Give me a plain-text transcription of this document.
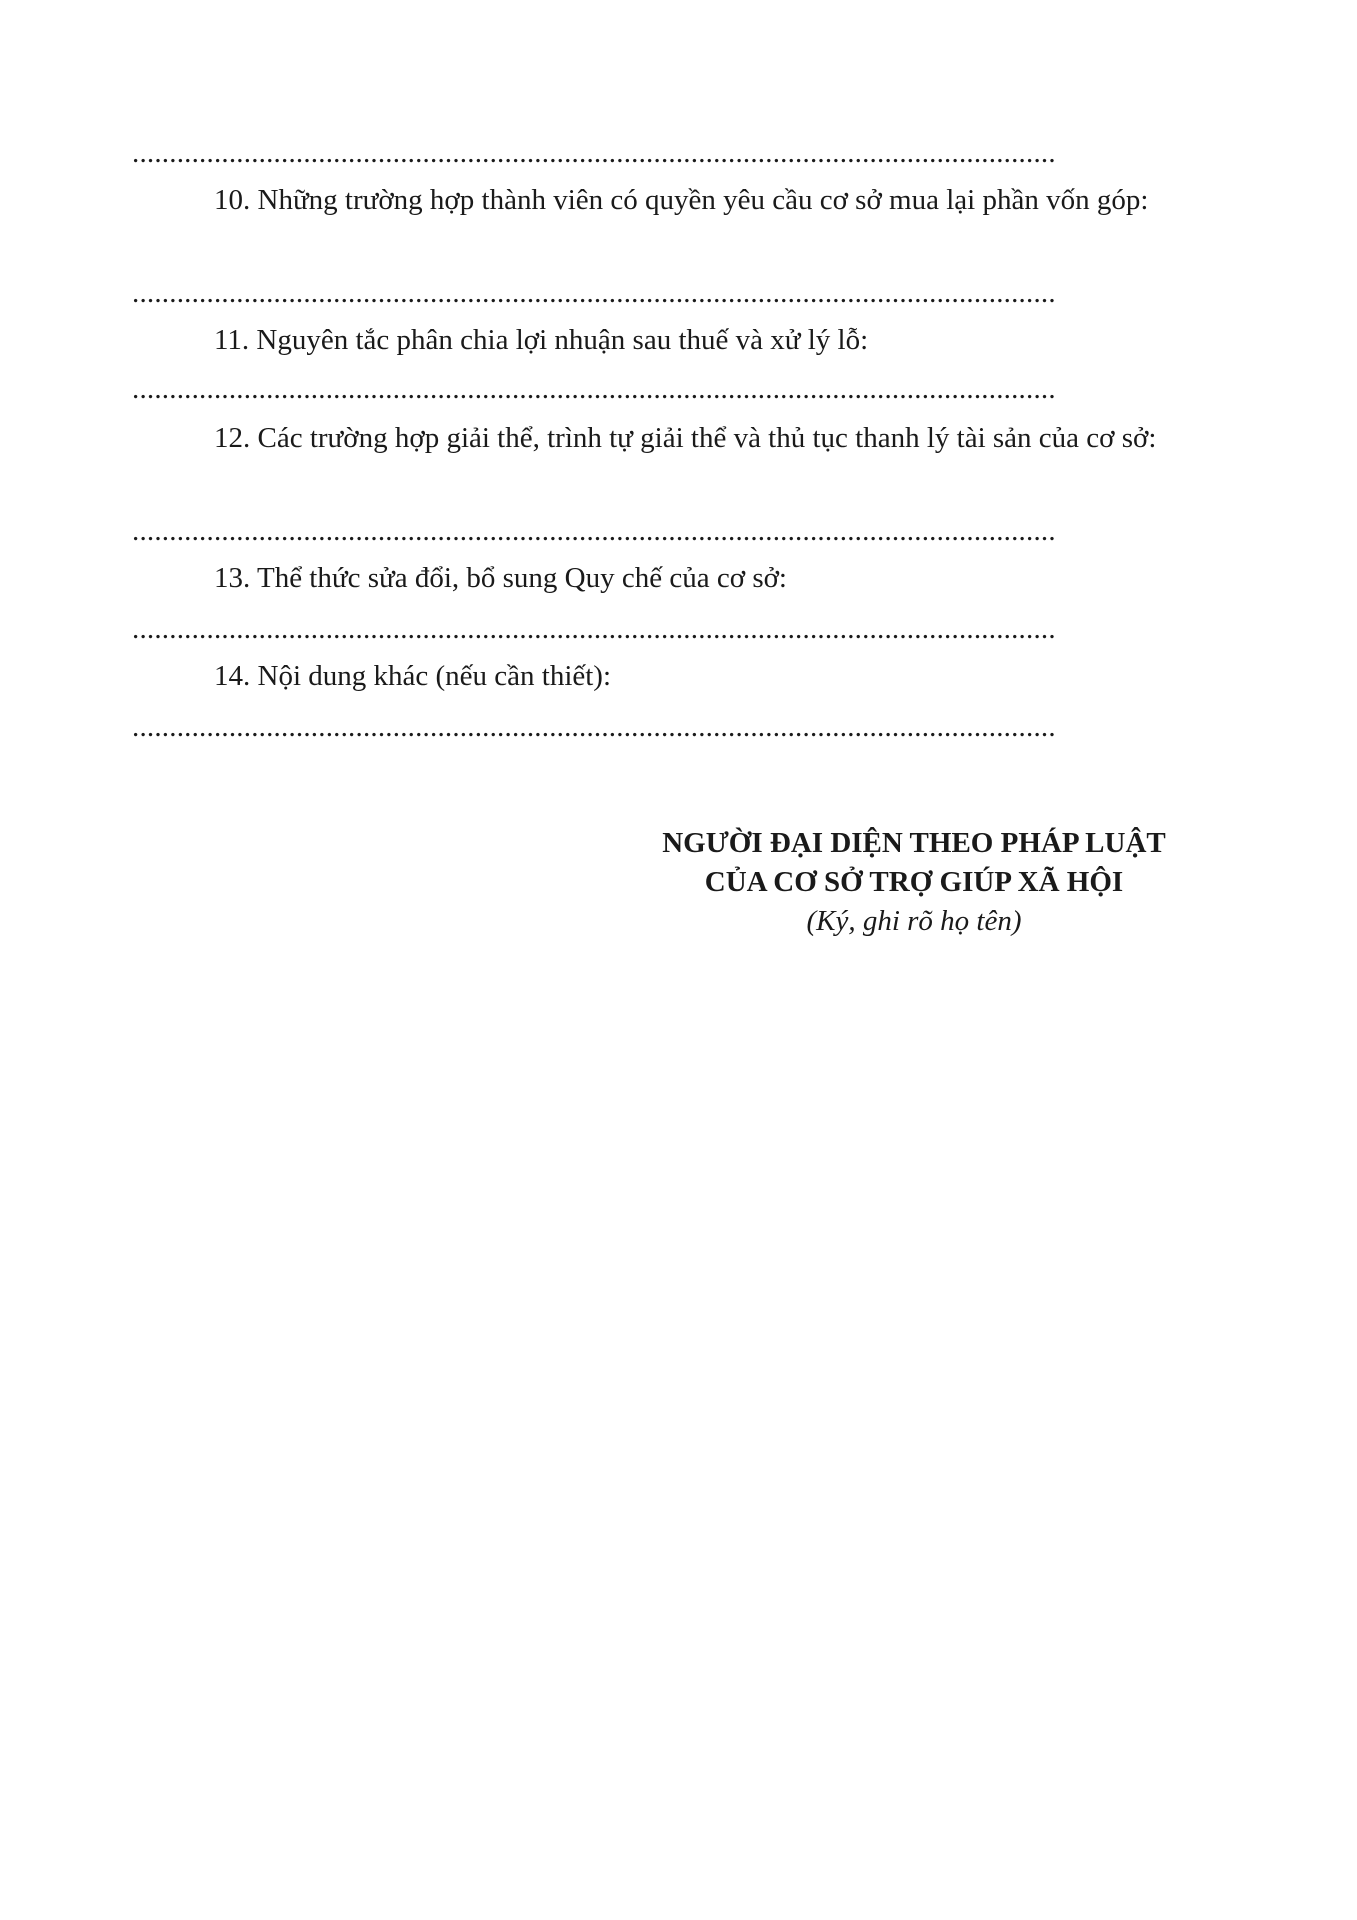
............................................................................................................................
10. Những trường hợp thành viên có quyền yêu cầu cơ sở mua lại phần vốn góp:
............................................................................................................................
11. Nguyên tắc phân chia lợi nhuận sau thuế và xử lý lỗ:
............................................................................................................................
12. Các trường hợp giải thể, trình tự giải thể và thủ tục thanh lý tài sản của cơ sở:
............................................................................................................................
13. Thể thức sửa đổi, bổ sung Quy chế của cơ sở:
............................................................................................................................
14. Nội dung khác (nếu cần thiết):
............................................................................................................................
NGƯỜI ĐẠI DIỆN THEO PHÁP LUẬT
CỦA CƠ SỞ TRỢ GIÚP XÃ HỘI
(Ký, ghi rõ họ tên)
